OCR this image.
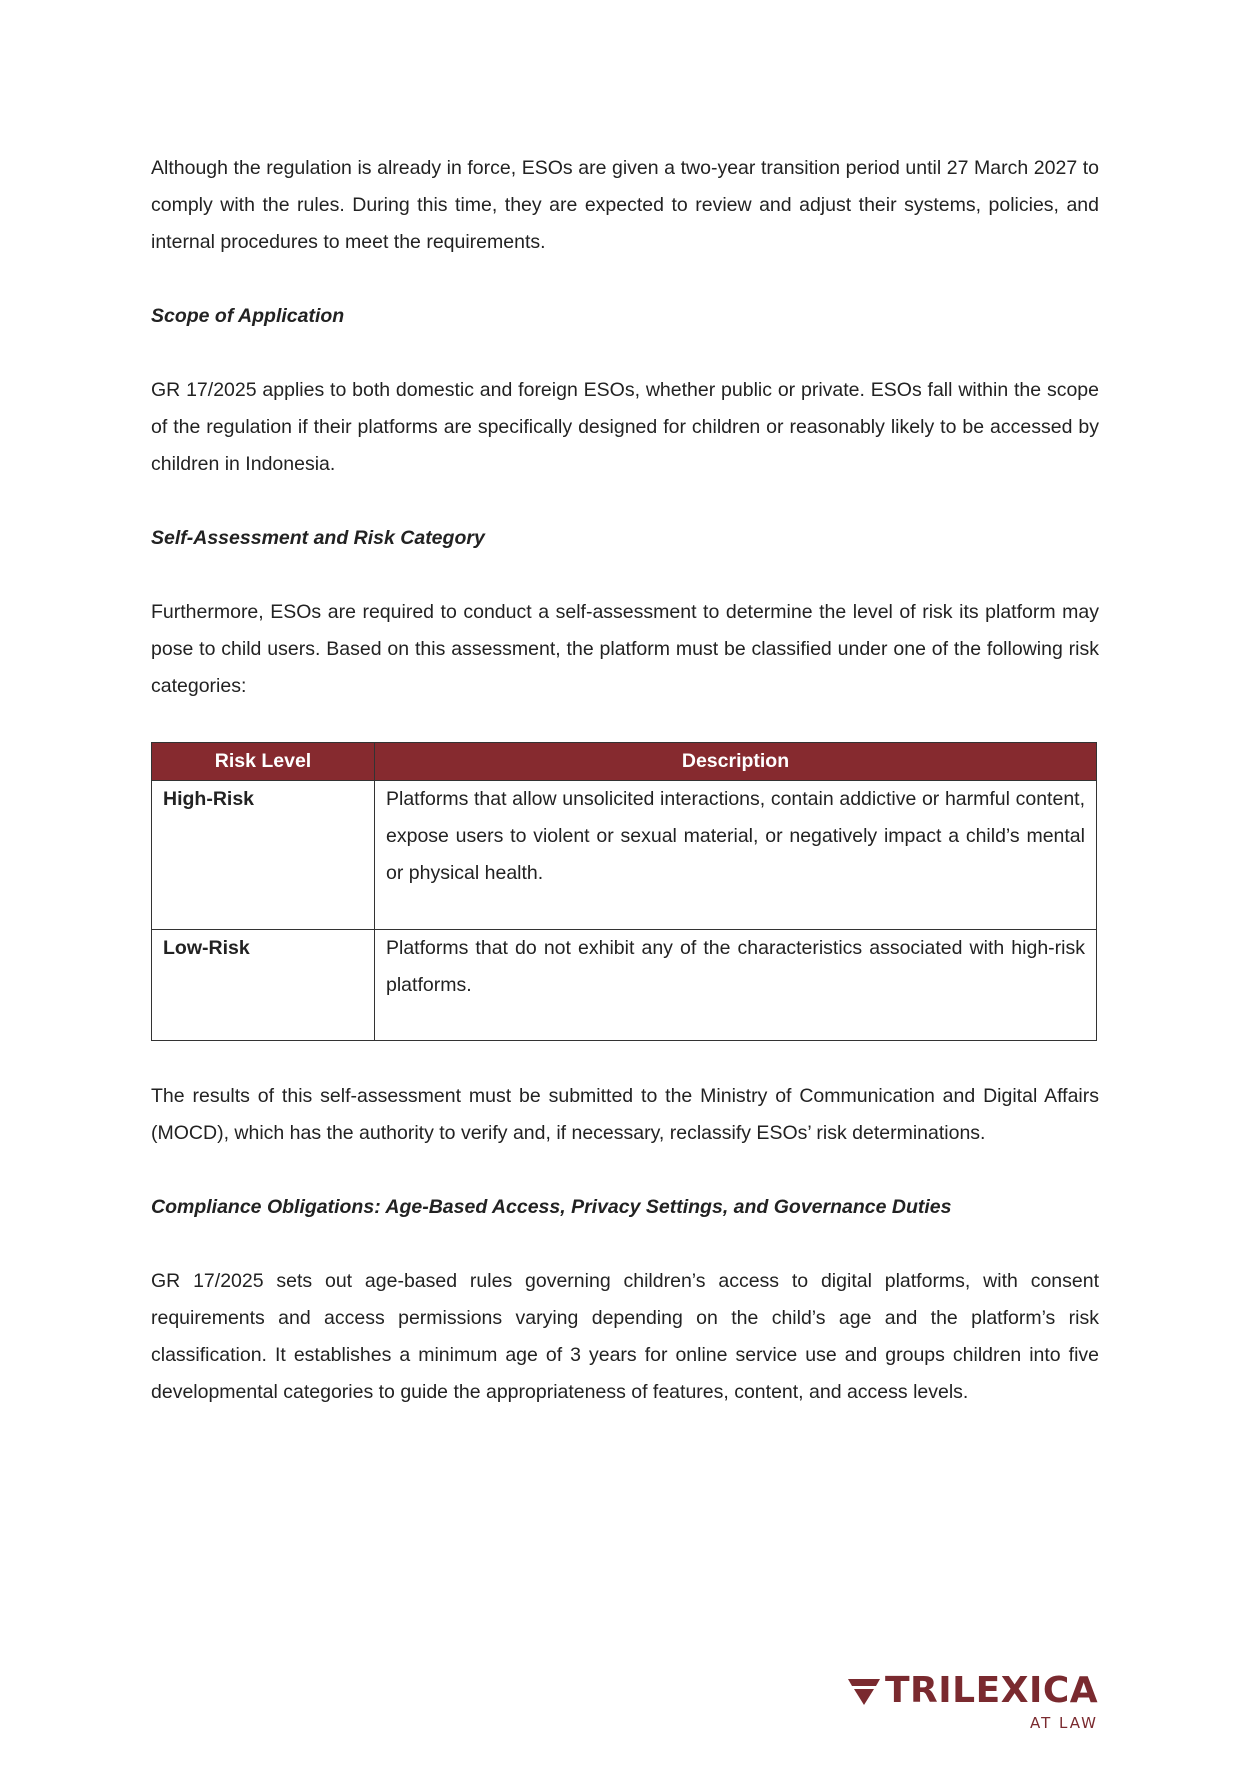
Although the regulation is already in force, ESOs are given a two-year transition period until 27 March 2027 to comply with the rules. During this time, they are expected to review and adjust their systems, policies, and internal procedures to meet the requirements.

Scope of Application

GR 17/2025 applies to both domestic and foreign ESOs, whether public or private. ESOs fall within the scope of the regulation if their platforms are specifically designed for children or reasonably likely to be accessed by children in Indonesia.

Self-Assessment and Risk Category

Furthermore, ESOs are required to conduct a self-assessment to determine the level of risk its platform may pose to child users. Based on this assessment, the platform must be classified under one of the following risk categories:

Risk Level	Description
High-Risk	Platforms that allow unsolicited interactions, contain addictive or harmful content, expose users to violent or sexual material, or negatively impact a child’s mental or physical health.
Low-Risk	Platforms that do not exhibit any of the characteristics associated with high-risk platforms.

The results of this self-assessment must be submitted to the Ministry of Communication and Digital Affairs (MOCD), which has the authority to verify and, if necessary, reclassify ESOs’ risk determinations.

Compliance Obligations: Age-Based Access, Privacy Settings, and Governance Duties

GR 17/2025 sets out age-based rules governing children’s access to digital platforms, with consent requirements and access permissions varying depending on the child’s age and the platform’s risk classification. It establishes a minimum age of 3 years for online service use and groups children into five developmental categories to guide the appropriateness of features, content, and access levels.

TRILEXICA
AT LAW
